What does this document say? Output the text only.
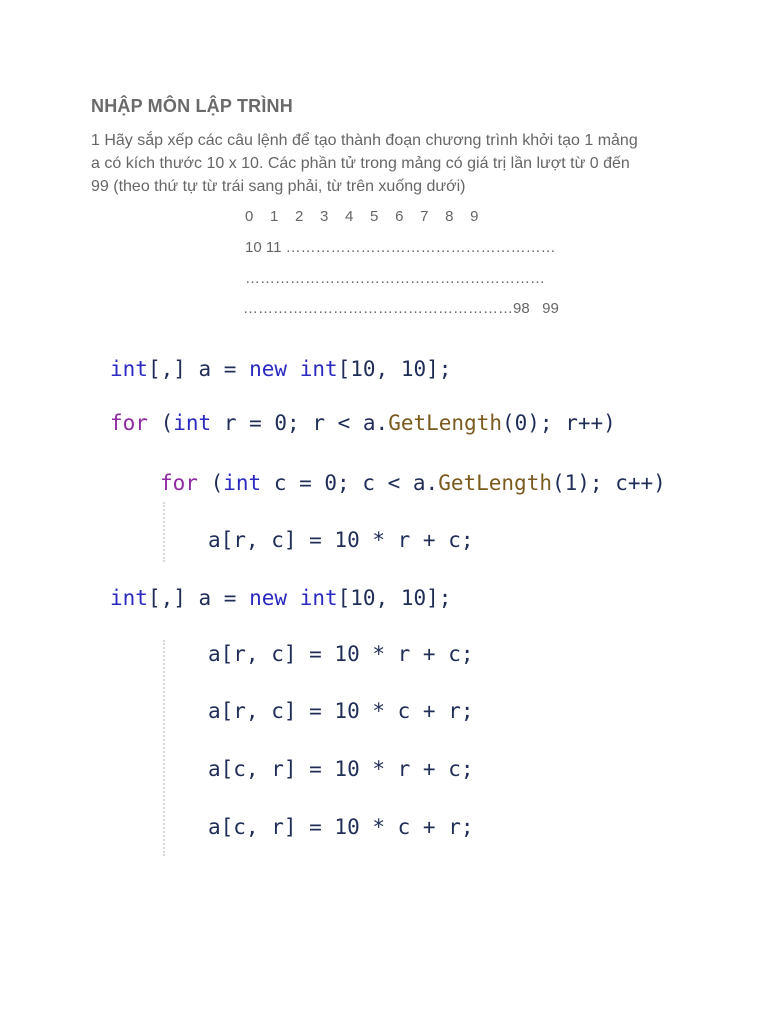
NHẬP MÔN LẬP TRÌNH
1 Hãy sắp xếp các câu lệnh để tạo thành đoạn chương trình khởi tạo 1 mảng
a có kích thước 10 x 10. Các phần tử trong mảng có giá trị lần lượt từ 0 đến
99 (theo thứ tự từ trái sang phải, từ trên xuống dưới)
0    1    2    3    4    5    6    7    8    9
10 11 ………………………………………………
……………………………………………………
………………………………………………98   99
int[,] a = new int[10, 10];
for (int r = 0; r < a.GetLength(0); r++)
for (int c = 0; c < a.GetLength(1); c++)
a[r, c] = 10 * r + c;
int[,] a = new int[10, 10];
a[r, c] = 10 * r + c;
a[r, c] = 10 * c + r;
a[c, r] = 10 * r + c;
a[c, r] = 10 * c + r;
